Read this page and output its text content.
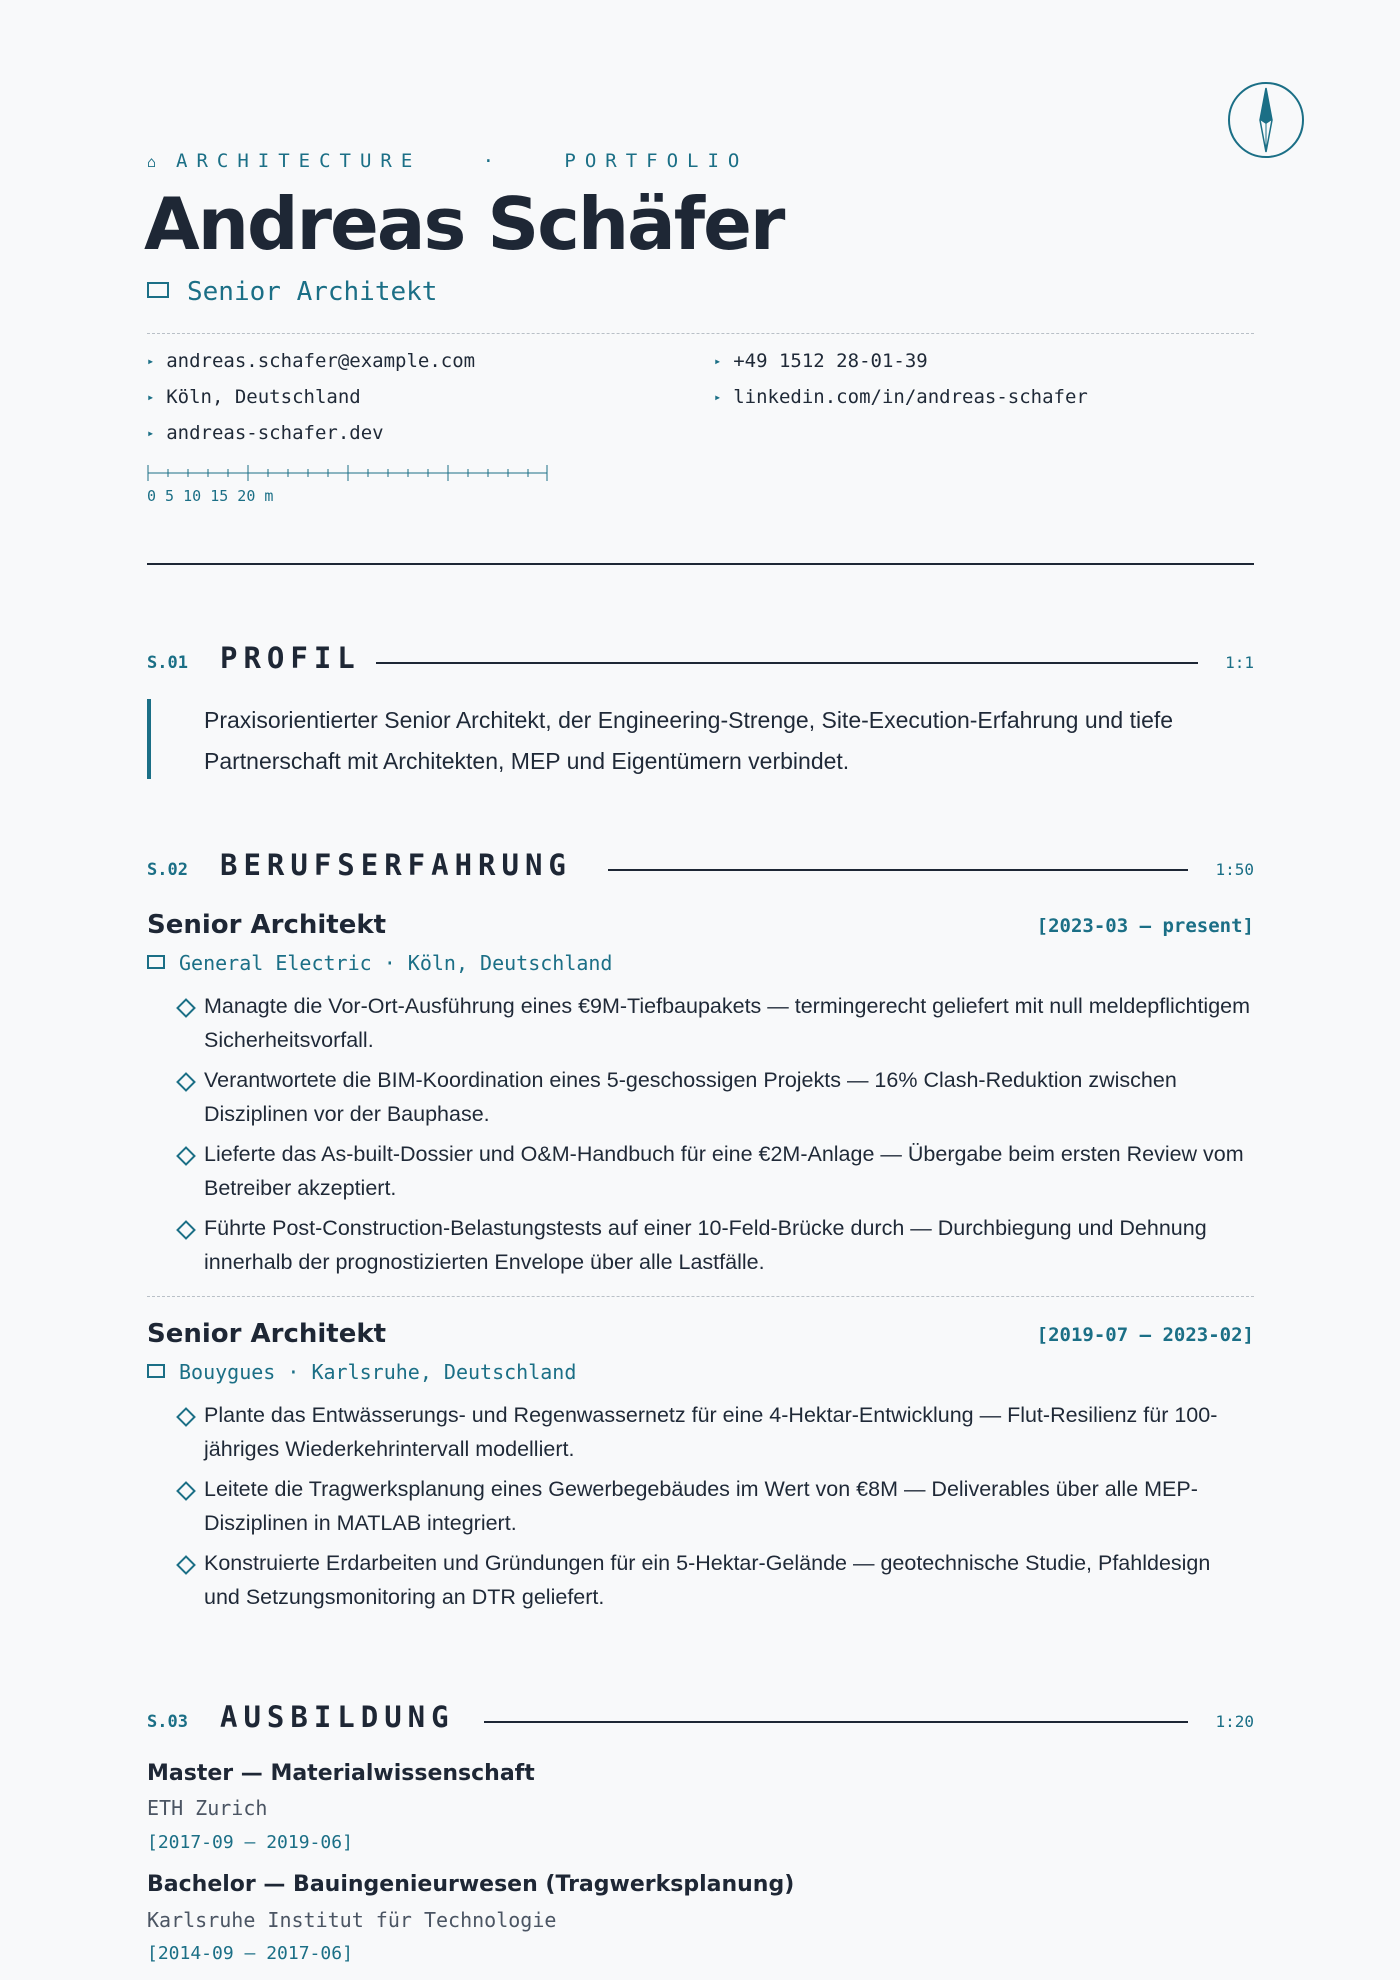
⌂ ARCHITECTURE	·	PORTFOLIO
Andreas Schäfer
Senior Architekt
▸ andreas.schafer@example.com	▸ +49 1512 28-01-39
▸ Köln, Deutschland	▸ linkedin.com/in/andreas-schafer
▸ andreas-schafer.dev
0 5 10 15 20 m
S.01 PROFIL	1:1

Praxisorientierter Senior Architekt, der Engineering-Strenge, Site-Execution-Erfahrung und tiefe Partnerschaft mit Architekten, MEP und Eigentümern verbindet.

S.02 BERUFSERFAHRUNG	1:50
Senior Architekt	[2023-03 — present]
General Electric · Köln, Deutschland
Managte die Vor-Ort-Ausführung eines €9M-Tiefbaupakets — termingerecht geliefert mit null meldepflichtigem Sicherheitsvorfall.
Verantwortete die BIM-Koordination eines 5-geschossigen Projekts — 16% Clash-Reduktion zwischen Disziplinen vor der Bauphase.
Lieferte das As-built-Dossier und O&M-Handbuch für eine €2M-Anlage — Übergabe beim ersten Review vom Betreiber akzeptiert.
Führte Post-Construction-Belastungstests auf einer 10-Feld-Brücke durch — Durchbiegung und Dehnung innerhalb der prognostizierten Envelope über alle Lastfälle.
Senior Architekt	[2019-07 — 2023-02]
Bouygues · Karlsruhe, Deutschland
Plante das Entwässerungs- und Regenwassernetz für eine 4-Hektar-Entwicklung — Flut-Resilienz für 100-jähriges Wiederkehrintervall modelliert.
Leitete die Tragwerksplanung eines Gewerbegebäudes im Wert von €8M — Deliverables über alle MEP-Disziplinen in MATLAB integriert.
Konstruierte Erdarbeiten und Gründungen für ein 5-Hektar-Gelände — geotechnische Studie, Pfahldesign und Setzungsmonitoring an DTR geliefert.
S.03 AUSBILDUNG	1:20
Master — Materialwissenschaft
ETH Zurich
[2017-09 – 2019-06]
Bachelor — Bauingenieurwesen (Tragwerksplanung)
Karlsruhe Institut für Technologie
[2014-09 – 2017-06]
